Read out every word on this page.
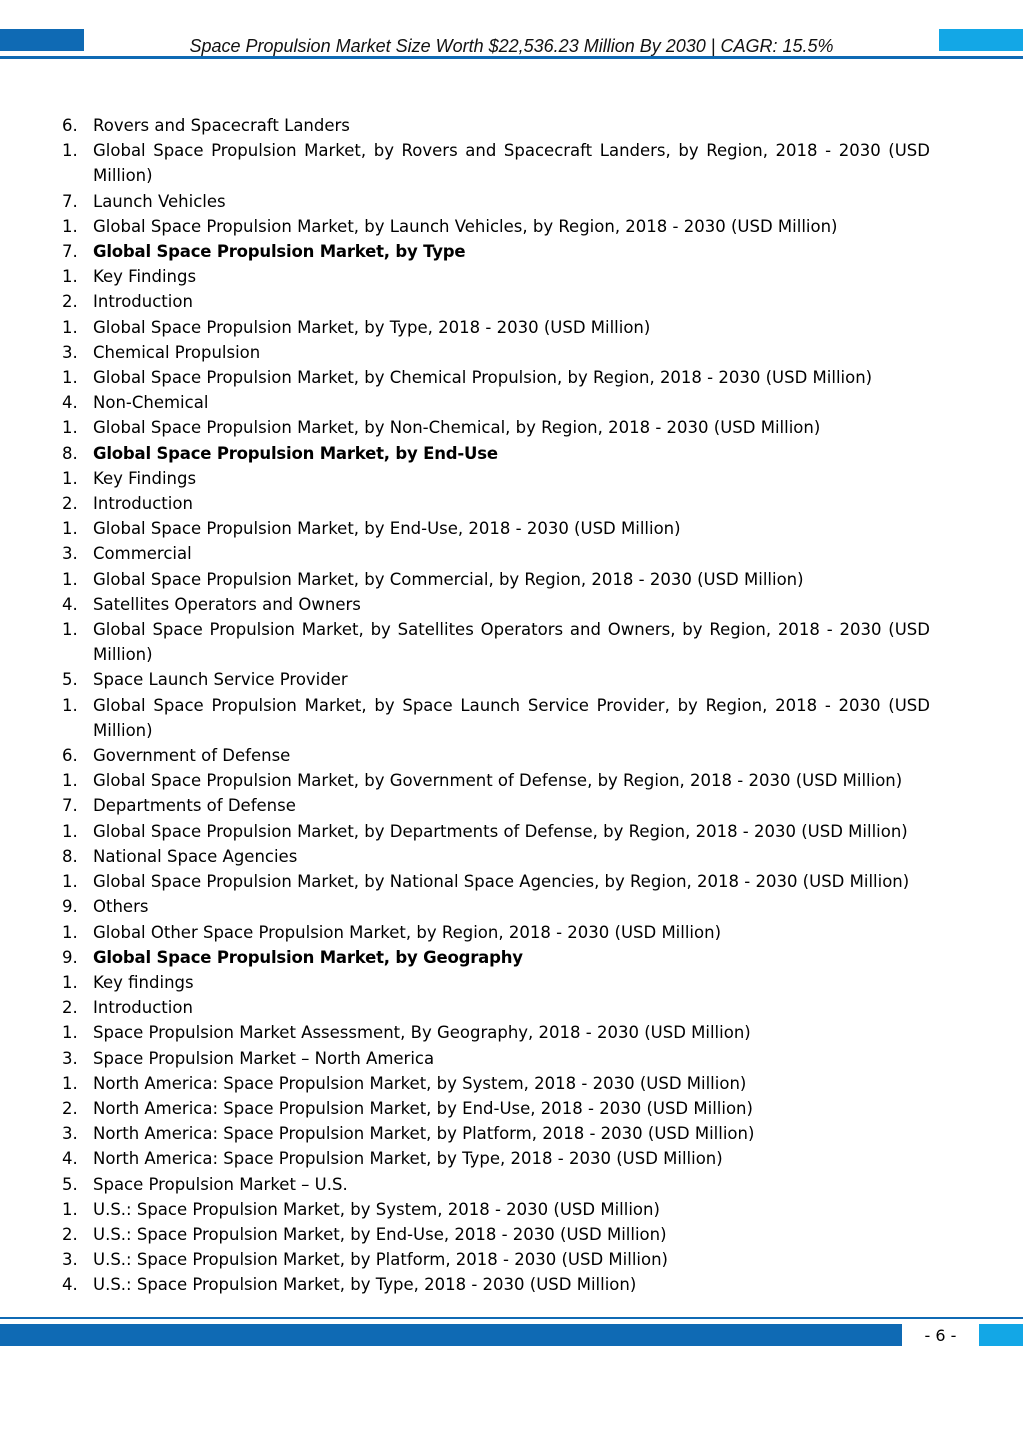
Space Propulsion Market Size Worth $22,536.23 Million By 2030 | CAGR: 15.5%
6. Rovers and Spacecraft Landers
1. Global Space Propulsion Market, by Rovers and Spacecraft Landers, by Region, 2018 - 2030 (USD Million)
7. Launch Vehicles
1. Global Space Propulsion Market, by Launch Vehicles, by Region, 2018 - 2030 (USD Million)
7. Global Space Propulsion Market, by Type
1. Key Findings
2. Introduction
1. Global Space Propulsion Market, by Type, 2018 - 2030 (USD Million)
3. Chemical Propulsion
1. Global Space Propulsion Market, by Chemical Propulsion, by Region, 2018 - 2030 (USD Million)
4. Non-Chemical
1. Global Space Propulsion Market, by Non-Chemical, by Region, 2018 - 2030 (USD Million)
8. Global Space Propulsion Market, by End-Use
1. Key Findings
2. Introduction
1. Global Space Propulsion Market, by End-Use, 2018 - 2030 (USD Million)
3. Commercial
1. Global Space Propulsion Market, by Commercial, by Region, 2018 - 2030 (USD Million)
4. Satellites Operators and Owners
1. Global Space Propulsion Market, by Satellites Operators and Owners, by Region, 2018 - 2030 (USD Million)
5. Space Launch Service Provider
1. Global Space Propulsion Market, by Space Launch Service Provider, by Region, 2018 - 2030 (USD Million)
6. Government of Defense
1. Global Space Propulsion Market, by Government of Defense, by Region, 2018 - 2030 (USD Million)
7. Departments of Defense
1. Global Space Propulsion Market, by Departments of Defense, by Region, 2018 - 2030 (USD Million)
8. National Space Agencies
1. Global Space Propulsion Market, by National Space Agencies, by Region, 2018 - 2030 (USD Million)
9. Others
1. Global Other Space Propulsion Market, by Region, 2018 - 2030 (USD Million)
9. Global Space Propulsion Market, by Geography
1. Key findings
2. Introduction
1. Space Propulsion Market Assessment, By Geography, 2018 - 2030 (USD Million)
3. Space Propulsion Market – North America
1. North America: Space Propulsion Market, by System, 2018 - 2030 (USD Million)
2. North America: Space Propulsion Market, by End-Use, 2018 - 2030 (USD Million)
3. North America: Space Propulsion Market, by Platform, 2018 - 2030 (USD Million)
4. North America: Space Propulsion Market, by Type, 2018 - 2030 (USD Million)
5. Space Propulsion Market – U.S.
1. U.S.: Space Propulsion Market, by System, 2018 - 2030 (USD Million)
2. U.S.: Space Propulsion Market, by End-Use, 2018 - 2030 (USD Million)
3. U.S.: Space Propulsion Market, by Platform, 2018 - 2030 (USD Million)
4. U.S.: Space Propulsion Market, by Type, 2018 - 2030 (USD Million)
- 6 -
